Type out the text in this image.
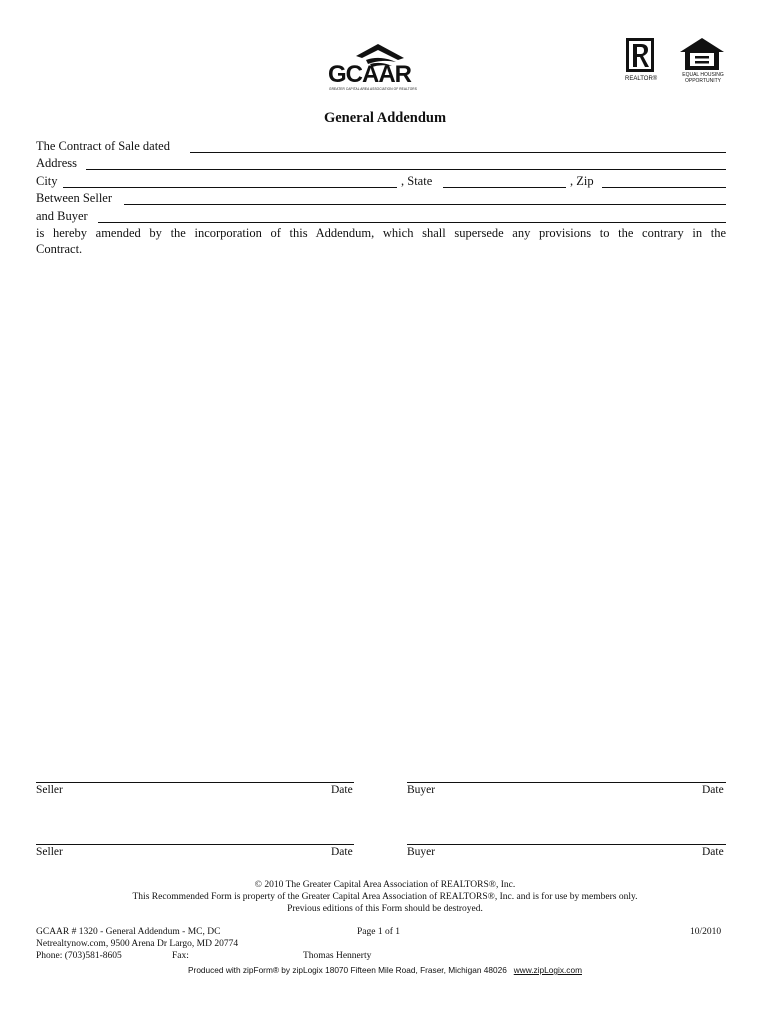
GCAAR
GREATER CAPITAL AREA ASSOCIATION OF REALTORS
REALTOR®
EQUAL HOUSING OPPORTUNITY
General Addendum
The Contract of Sale dated
Address
City	, State	, Zip
Between Seller
and Buyer
is hereby amended by the incorporation of this Addendum, which shall supersede any provisions to the contrary in the
Contract.
Seller	Date	Buyer	Date
Seller	Date	Buyer	Date
© 2010 The Greater Capital Area Association of REALTORS®, Inc.
This Recommended Form is property of the Greater Capital Area Association of REALTORS®, Inc. and is for use by members only.
Previous editions of this Form should be destroyed.
GCAAR # 1320 - General Addendum - MC, DC	Page 1 of 1	10/2010
Netrealtynow.com, 9500 Arena Dr Largo, MD 20774
Phone: (703)581-8605	Fax:	Thomas Hennerty
Produced with zipForm® by zipLogix 18070 Fifteen Mile Road, Fraser, Michigan 48026 www.zipLogix.com
